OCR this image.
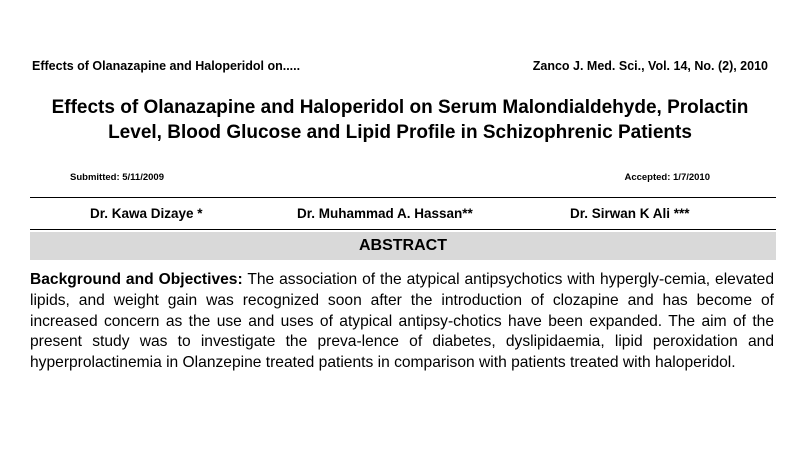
Effects of Olanazapine and Haloperidol on.....	Zanco J. Med. Sci., Vol. 14, No. (2), 2010
Effects of Olanazapine and Haloperidol on Serum Malondialdehyde, Prolactin Level, Blood Glucose and Lipid Profile in Schizophrenic Patients
Submitted: 5/11/2009	Accepted: 1/7/2010
Dr. Kawa Dizaye *	Dr. Muhammad A. Hassan**	Dr. Sirwan K Ali ***
ABSTRACT
Background and Objectives: The association of the atypical antipsychotics with hypergly-cemia, elevated lipids, and weight gain was recognized soon after the introduction of clozapine and has become of increased concern as the use and uses of atypical antipsy-chotics have been expanded. The aim of the present study was to investigate the preva-lence of diabetes, dyslipidaemia, lipid peroxidation and hyperprolactinemia in Olanzepine treated patients in comparison with patients treated with haloperidol.
